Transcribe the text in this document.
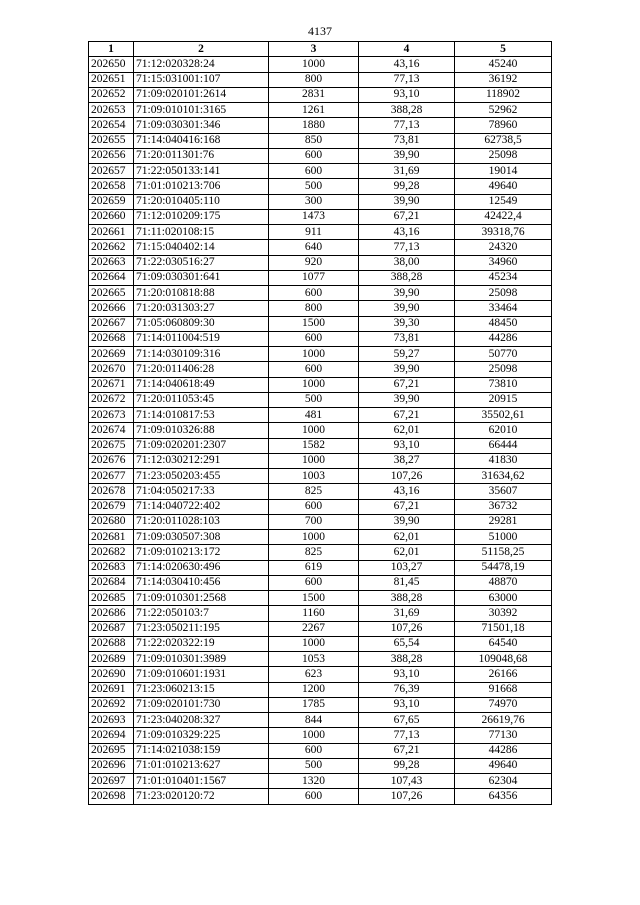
4137
1	2	3	4	5
202650	71:12:020328:24	1000	43,16	45240
202651	71:15:031001:107	800	77,13	36192
202652	71:09:020101:2614	2831	93,10	118902
202653	71:09:010101:3165	1261	388,28	52962
202654	71:09:030301:346	1880	77,13	78960
202655	71:14:040416:168	850	73,81	62738,5
202656	71:20:011301:76	600	39,90	25098
202657	71:22:050133:141	600	31,69	19014
202658	71:01:010213:706	500	99,28	49640
202659	71:20:010405:110	300	39,90	12549
202660	71:12:010209:175	1473	67,21	42422,4
202661	71:11:020108:15	911	43,16	39318,76
202662	71:15:040402:14	640	77,13	24320
202663	71:22:030516:27	920	38,00	34960
202664	71:09:030301:641	1077	388,28	45234
202665	71:20:010818:88	600	39,90	25098
202666	71:20:031303:27	800	39,90	33464
202667	71:05:060809:30	1500	39,30	48450
202668	71:14:011004:519	600	73,81	44286
202669	71:14:030109:316	1000	59,27	50770
202670	71:20:011406:28	600	39,90	25098
202671	71:14:040618:49	1000	67,21	73810
202672	71:20:011053:45	500	39,90	20915
202673	71:14:010817:53	481	67,21	35502,61
202674	71:09:010326:88	1000	62,01	62010
202675	71:09:020201:2307	1582	93,10	66444
202676	71:12:030212:291	1000	38,27	41830
202677	71:23:050203:455	1003	107,26	31634,62
202678	71:04:050217:33	825	43,16	35607
202679	71:14:040722:402	600	67,21	36732
202680	71:20:011028:103	700	39,90	29281
202681	71:09:030507:308	1000	62,01	51000
202682	71:09:010213:172	825	62,01	51158,25
202683	71:14:020630:496	619	103,27	54478,19
202684	71:14:030410:456	600	81,45	48870
202685	71:09:010301:2568	1500	388,28	63000
202686	71:22:050103:7	1160	31,69	30392
202687	71:23:050211:195	2267	107,26	71501,18
202688	71:22:020322:19	1000	65,54	64540
202689	71:09:010301:3989	1053	388,28	109048,68
202690	71:09:010601:1931	623	93,10	26166
202691	71:23:060213:15	1200	76,39	91668
202692	71:09:020101:730	1785	93,10	74970
202693	71:23:040208:327	844	67,65	26619,76
202694	71:09:010329:225	1000	77,13	77130
202695	71:14:021038:159	600	67,21	44286
202696	71:01:010213:627	500	99,28	49640
202697	71:01:010401:1567	1320	107,43	62304
202698	71:23:020120:72	600	107,26	64356
